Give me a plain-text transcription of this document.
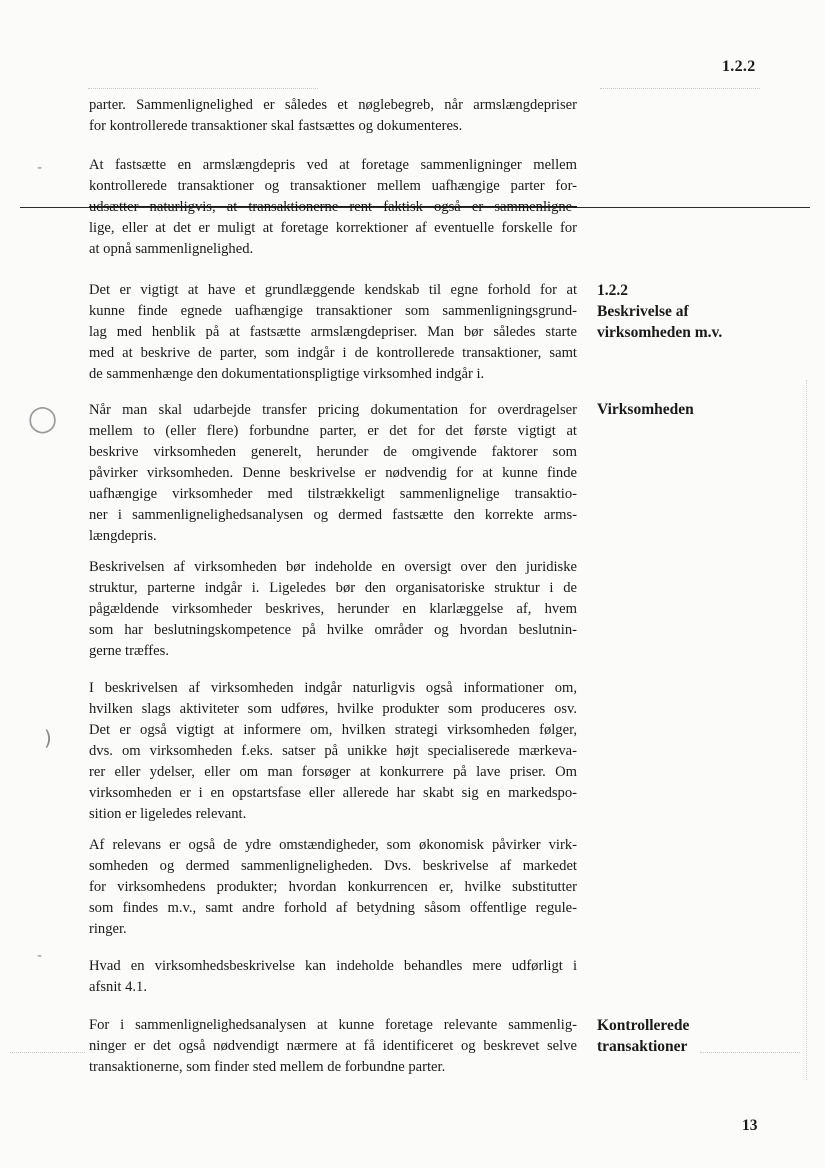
◯
)
-
-
1.2.2

parter. Sammenlignelighed er således et nøglebegreb, når armslængdepriser
for kontrollerede transaktioner skal fastsættes og dokumenteres.

At fastsætte en armslængdepris ved at foretage sammenligninger mellem
kontrollerede transaktioner og transaktioner mellem uafhængige parter for-
udsætter naturligvis, at transaktionerne rent faktisk også er sammenligne-
lige, eller at det er muligt at foretage korrektioner af eventuelle forskelle for
at opnå sammenlignelighed.

Det er vigtigt at have et grundlæggende kendskab til egne forhold for at
kunne finde egnede uafhængige transaktioner som sammenligningsgrund-
lag med henblik på at fastsætte armslængdepriser. Man bør således starte
med at beskrive de parter, som indgår i de kontrollerede transaktioner, samt
de sammenhænge den dokumentationspligtige virksomhed indgår i.

Når man skal udarbejde transfer pricing dokumentation for overdragelser
mellem to (eller flere) forbundne parter, er det for det første vigtigt at
beskrive virksomheden generelt, herunder de omgivende faktorer som
påvirker virksomheden. Denne beskrivelse er nødvendig for at kunne finde
uafhængige virksomheder med tilstrækkeligt sammenlignelige transaktio-
ner i sammenlignelighedsanalysen og dermed fastsætte den korrekte arms-
længdepris.

Beskrivelsen af virksomheden bør indeholde en oversigt over den juridiske
struktur, parterne indgår i. Ligeledes bør den organisatoriske struktur i de
pågældende virksomheder beskrives, herunder en klarlæggelse af, hvem
som har beslutningskompetence på hvilke områder og hvordan beslutnin-
gerne træffes.

I beskrivelsen af virksomheden indgår naturligvis også informationer om,
hvilken slags aktiviteter som udføres, hvilke produkter som produceres osv.
Det er også vigtigt at informere om, hvilken strategi virksomheden følger,
dvs. om virksomheden f.eks. satser på unikke højt specialiserede mærkeva-
rer eller ydelser, eller om man forsøger at konkurrere på lave priser. Om
virksomheden er i en opstartsfase eller allerede har skabt sig en markedspo-
sition er ligeledes relevant.

Af relevans er også de ydre omstændigheder, som økonomisk påvirker virk-
somheden og dermed sammenligneligheden. Dvs. beskrivelse af markedet
for virksomhedens produkter; hvordan konkurrencen er, hvilke substitutter
som findes m.v., samt andre forhold af betydning såsom offentlige regule-
ringer.

Hvad en virksomhedsbeskrivelse kan indeholde behandles mere udførligt i
afsnit 4.1.

For i sammenlignelighedsanalysen at kunne foretage relevante sammenlig-
ninger er det også nødvendigt nærmere at få identificeret og beskrevet selve
transaktionerne, som finder sted mellem de forbundne parter.

1.2.2
Beskrivelse af
virksomheden m.v.
Virksomheden
Kontrollerede
transaktioner
13
